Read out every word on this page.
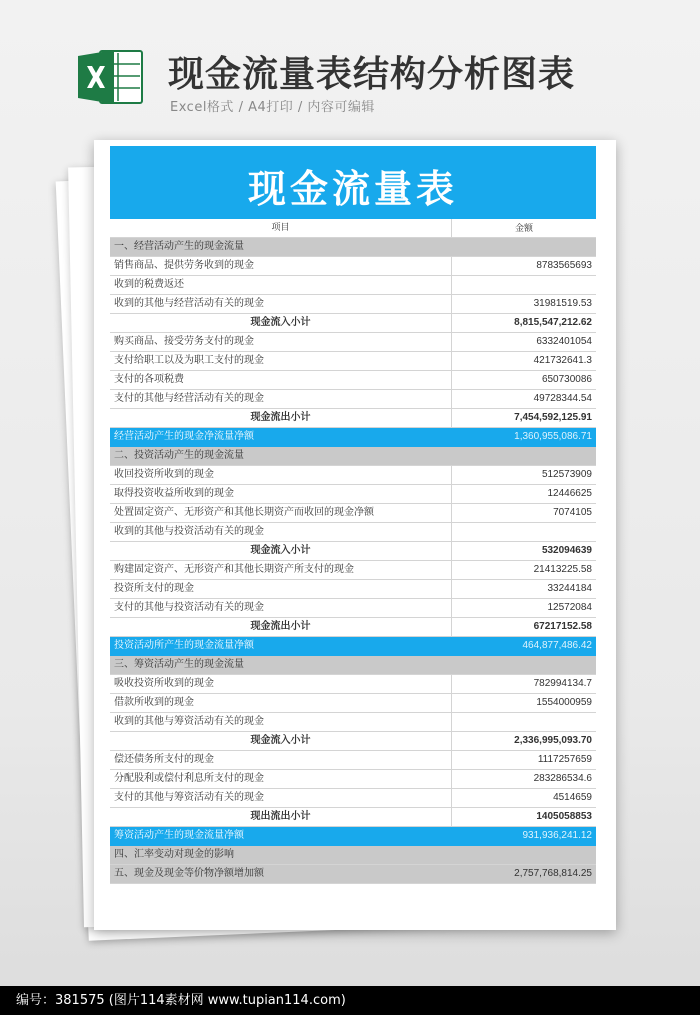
现金流量表结构分析图表
Excel格式 / A4打印 / 内容可编辑
现金流量表
项目	金额
一、经营活动产生的现金流量
销售商品、提供劳务收到的现金	8783565693
收到的税费返还
收到的其他与经营活动有关的现金	31981519.53
现金流入小计	8,815,547,212.62
购买商品、接受劳务支付的现金	6332401054
支付给职工以及为职工支付的现金	421732641.3
支付的各项税费	650730086
支付的其他与经营活动有关的现金	49728344.54
现金流出小计	7,454,592,125.91
经营活动产生的现金净流量净额	1,360,955,086.71
二、投资活动产生的现金流量
收回投资所收到的现金	512573909
取得投资收益所收到的现金	12446625
处置固定资产、无形资产和其他长期资产而收回的现金净额	7074105
收到的其他与投资活动有关的现金
现金流入小计	532094639
购建固定资产、无形资产和其他长期资产所支付的现金	21413225.58
投资所支付的现金	33244184
支付的其他与投资活动有关的现金	12572084
现金流出小计	67217152.58
投资活动所产生的现金流量净额	464,877,486.42
三、筹资活动产生的现金流量
吸收投资所收到的现金	782994134.7
借款所收到的现金	1554000959
收到的其他与筹资活动有关的现金
现金流入小计	2,336,995,093.70
偿还债务所支付的现金	1117257659
分配股利或偿付利息所支付的现金	283286534.6
支付的其他与筹资活动有关的现金	4514659
现出流出小计	1405058853
筹资活动产生的现金流量净额	931,936,241.12
四、汇率变动对现金的影响
五、现金及现金等价物净额增加额	2,757,768,814.25
编号：381575 (图片114素材网 www.tupian114.com)
